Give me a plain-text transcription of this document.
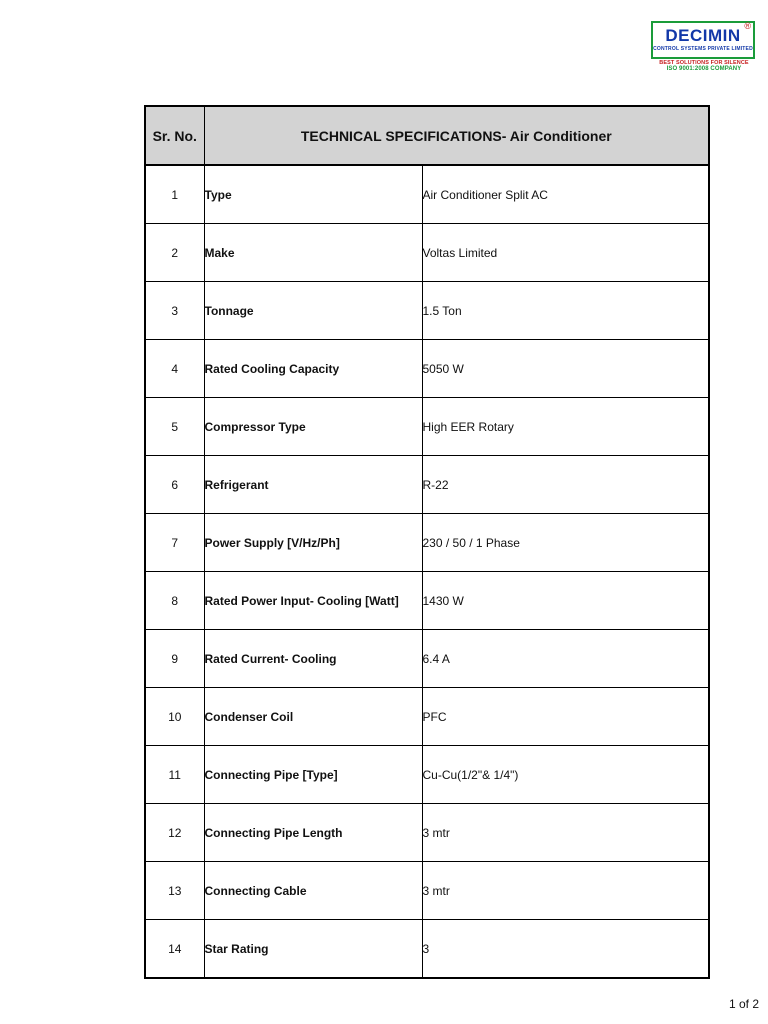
®
DECIMIN
CONTROL SYSTEMS PRIVATE LIMITED
BEST SOLUTIONS FOR SILENCE
ISO 9001:2008 COMPANY
Sr. No.	TECHNICAL SPECIFICATIONS- Air Conditioner	
1	Type	Air Conditioner Split AC
2	Make	Voltas Limited
3	Tonnage	1.5 Ton
4	Rated Cooling Capacity	5050 W
5	Compressor Type	High EER Rotary
6	Refrigerant	R-22
7	Power Supply [V/Hz/Ph]	230 / 50 / 1 Phase
8	Rated Power Input- Cooling [Watt]	1430 W
9	Rated Current- Cooling	6.4 A
10	Condenser Coil	PFC
11	Connecting Pipe [Type]	Cu-Cu(1/2"& 1/4")
12	Connecting Pipe Length	3 mtr
13	Connecting Cable	3 mtr
14	Star Rating	3
1 of 2
